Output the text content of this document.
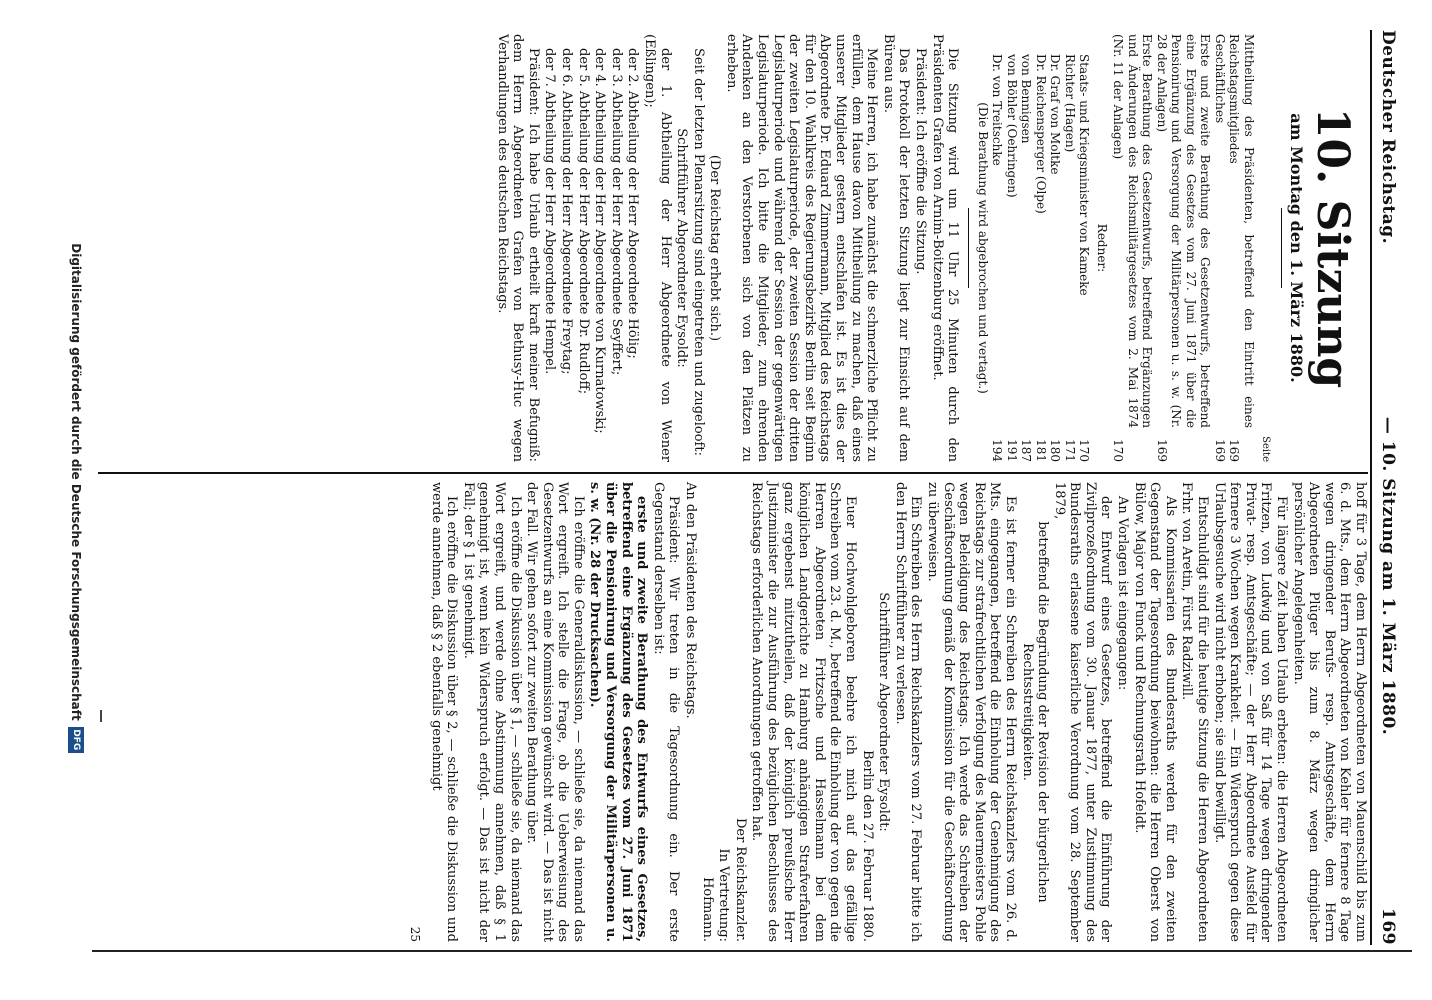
Deutscher Reichstag.
— 10. Sitzung am 1. März 1880.
169
10. Sitzung
am Montag den 1. März 1880.
Seite
Mittheilung des Präsidenten, betreffend den Eintritt eines Reichstagsmitgliedes
169
Geschäftliches
169
Erste und zweite Berathung des Gesetzentwurfs, betreffend eine Ergänzung des Gesetzes vom 27. Juni 1871 über die Pensionirung und Versorgung der Militärpersonen u. s. w. (Nr. 28 der Anlagen)
169
Erste Berathung des Gesetzentwurfs, betreffend Ergänzungen und Änderungen des Reichsmilitärgesetzes vom 2. Mai 1874 (Nr. 11 der Anlagen)
170
Redner:
Staats- und Kriegsminister von Kameke
170
Richter (Hagen)
171
Dr. Graf von Moltke
180
Dr. Reichensperger (Olpe)
181
von Bennigsen
187
von Böhler (Oehringen)
191
Dr. von Treitschke
194
(Die Berathung wird abgebrochen und vertagt.)

Die Sitzung wird um 11 Uhr 25 Minuten durch den Präsidenten Grafen von Arnim-Boitzenburg eröffnet.

Präsident: Ich eröffne die Sitzung.

Das Protokoll der letzten Sitzung liegt zur Einsicht auf dem Büreau aus.

Meine Herren, ich habe zunächst die schmerzliche Pflicht zu erfüllen, dem Hause davon Mittheilung zu machen, daß eines unserer Mitglieder gestern entschlafen ist. Es ist dies der Abgeordnete Dr. Eduard Zimmermann, Mitglied des Reichstags für den 10. Wahlkreis des Regierungsbezirks Berlin seit Beginn der zweiten Legislaturperiode, der zweiten Session der dritten Legislaturperiode und während der Session der gegenwärtigen Legislaturperiode. Ich bitte die Mitglieder, zum ehrenden Andenken an den Verstorbenen sich von den Plätzen zu erheben.

(Der Reichstag erhebt sich.)

Seit der letzten Plenarsitzung sind eingetreten und zugelooft:

Schriftführer Abgeordneter Eysoldt:

der 1. Abtheilung der Herr Abgeordnete von Wener (Eßlingen);

der 2. Abtheilung der Herr Abgeordnete Hölig;

der 3. Abtheilung der Herr Abgeordnete Seyffert;

der 4. Abtheilung der Herr Abgeordnete von Kurnatowski;

der 5. Abtheilung der Herr Abgeordnete Dr. Rudloff;

der 6. Abtheilung der Herr Abgeordnete Freytag;

der 7. Abtheilung der Herr Abgeordnete Hempel.

Präsident: Ich habe Urlaub ertheilt kraft meiner Befugniß: dem Herrn Abgeordneten Grafen von Bethusy-Huc wegen Verhandlungen des deutschen Reichstags.

hoff für 3 Tage, dem Herrn Abgeordneten von Mauenschild bis zum 6. d. Mts., dem Herrn Abgeordneten von Kehler für fernere 8 Tage wegen dringender Berufs- resp. Amtsgeschäfte, dem Herrn Abgeordneten Plüger bis zum 8. März wegen dringlicher persönlicher Angelegenheiten.

Für längere Zeit haben Urlaub erbeten: die Herren Abgeordneten Fritzen, von Ludwig und von Saß für 14 Tage wegen dringender Privat- resp. Amtsgeschäfte; — der Herr Abgeordnete Ausfeld für fernere 3 Wochen wegen Krankheit. — Ein Widerspruch gegen diese Urlaubsgesuche wird nicht erhoben; sie sind bewilligt.

Entschuldigt sind für die heutige Sitzung die Herren Abgeordneten Frhr. von Aretin, Fürst Radziwill.

Als Kommissarien des Bundesraths werden für den zweiten Gegenstand der Tagesordnung beiwohnen: die Herren Oberst von Bülow, Major von Funck und Rechnungsrath Hofeldt.

An Vorlagen ist eingegangen:

der Entwurf eines Gesetzes, betreffend die Einführung der Zivilprozeßordnung vom 30. Januar 1877, unter Zustimmung des Bundesraths erlassene kaiserliche Verordnung vom 28. September 1879,

betreffend die Begründung der Revision der bürgerlichen Rechtsstreitigkeiten.

Es ist ferner ein Schreiben des Herrn Reichskanzlers vom 26. d. Mts. eingegangen, betreffend die Einholung der Genehmigung des Reichstags zur strafrechtlichen Verfolgung des Mauermeisters Pohle wegen Beleidigung des Reichstags. Ich werde das Schreiben der Geschäftsordnung gemäß der Kommission für die Geschäftsordnung zu überweisen.

Ein Schreiben des Herrn Reichskanzlers vom 27. Februar bitte ich den Herrn Schriftführer zu verlesen.

Schriftführer Abgeordneter Eysoldt:

Berlin den 27. Februar 1880.

Euer Hochwohlgeboren beehre ich mich auf das gefällige Schreiben vom 23. d. M., betreffend die Einholung der von gegen die Herren Abgeordneten Fritzsche und Hasselmann bei dem königlichen Landgerichte zu Hamburg anhängigen Strafverfahren ganz ergebenst mitzutheilen, daß der königlich preußische Herr Justizminister die zur Ausführung des bezüglichen Beschlusses des Reichstags erforderlichen Anordnungen getroffen hat.

Der Reichskanzler.

In Vertretung:

Hofmann.

An den Präsidenten des Reichstags.

Präsident: Wir treten in die Tagesordnung ein. Der erste Gegenstand derselben ist:

erste und zweite Berathung des Entwurfs eines Gesetzes, betreffend eine Ergänzung des Gesetzes vom 27. Juni 1871 über die Pensionirung und Versorgung der Militärpersonen u. s. w. (Nr. 28 der Drucksachen).

Ich eröffne die Generaldiskussion, — schließe sie, da niemand das Wort ergreift. Ich stelle die Frage, ob die Ueberweisung des Gesetzentwurfs an eine Kommission gewünscht wird. — Das ist nicht der Fall. Wir gehen sofort zur zweiten Berathung über.

Ich eröffne die Diskussion über § 1, — schließe sie, da niemand das Wort ergreift, und werde ohne Abstimmung annehmen, daß § 1 genehmigt ist, wenn kein Widerspruch erfolgt. — Das ist nicht der Fall; der § 1 ist genehmigt.

Ich eröffne die Diskussion über § 2, — schließe die Diskussion und werde annehmen, daß § 2 ebenfalls genehmigt

25
Digitalisierung gefördert durch die Deutsche Forschungsgemeinschaft
DFG
